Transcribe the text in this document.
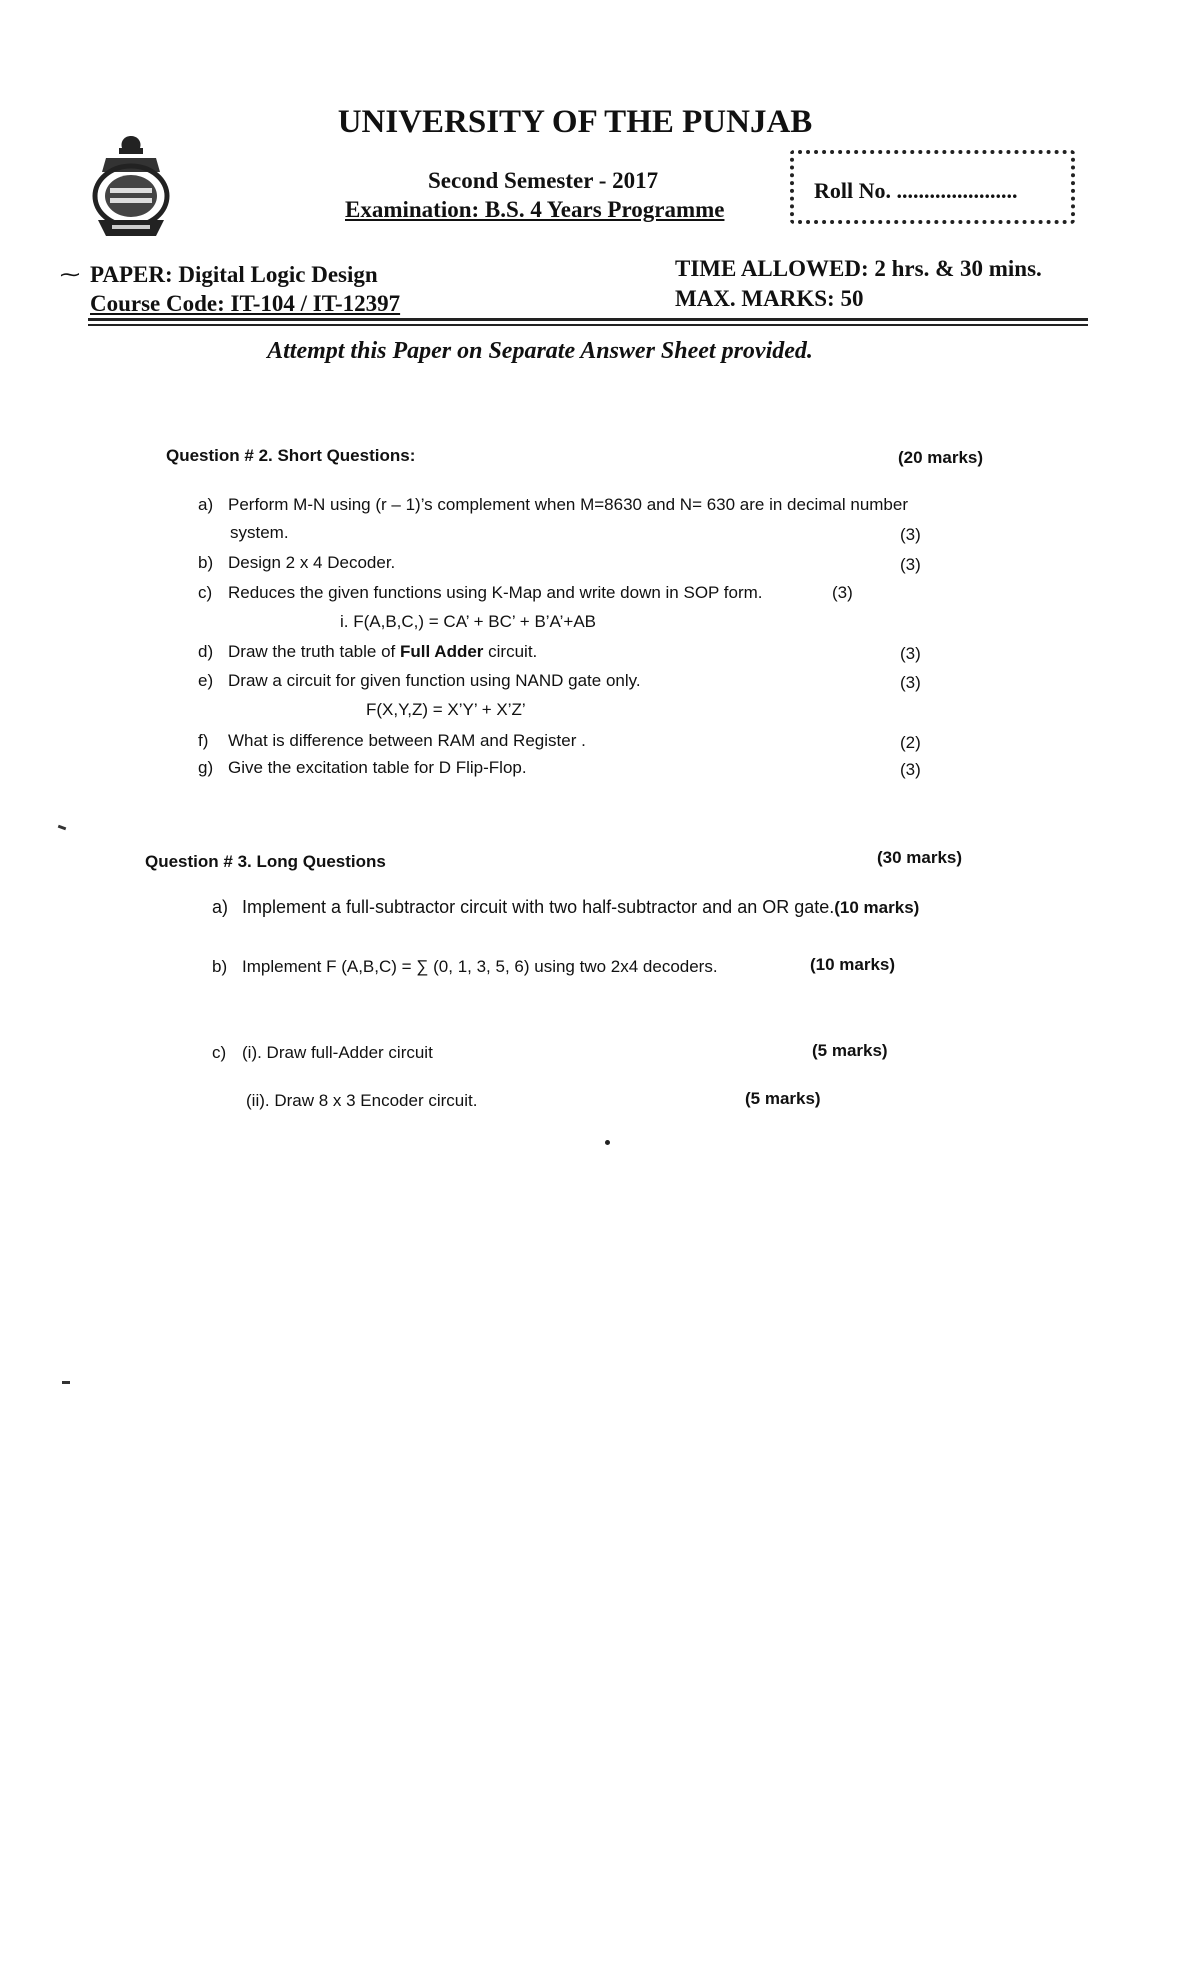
UNIVERSITY OF THE PUNJAB
Second Semester - 2017
Examination: B.S. 4 Years Programme
Roll No. ......................
⁓ PAPER: Digital Logic Design
Course Code: IT-104 / IT-12397
TIME ALLOWED: 2 hrs. & 30 mins.
MAX. MARKS: 50
Attempt this Paper on Separate Answer Sheet provided.
Question # 2. Short Questions:	(20 marks)
a) Perform M-N using (r – 1)’s complement when M=8630 and N= 630 are in decimal number
system.	(3)
b) Design 2 x 4 Decoder.	(3)
c) Reduces the given functions using K-Map and write down in SOP form.	(3)
i. F(A,B,C,) = CA’ + BC’ + B’A’+AB
d) Draw the truth table of Full Adder circuit.	(3)
e) Draw a circuit for given function using NAND gate only.	(3)
F(X,Y,Z) = X’Y’ + X’Z’
f) What is difference between RAM and Register .	(2)
g) Give the excitation table for D Flip-Flop.	(3)
Question # 3. Long Questions	(30 marks)
a) Implement a full-subtractor circuit with two half-subtractor and an OR gate.(10 marks)
b) Implement F (A,B,C) = ∑ (0, 1, 3, 5, 6) using two 2x4 decoders.	(10 marks)
c) (i). Draw full-Adder circuit	(5 marks)
(ii). Draw 8 x 3 Encoder circuit.	(5 marks)
